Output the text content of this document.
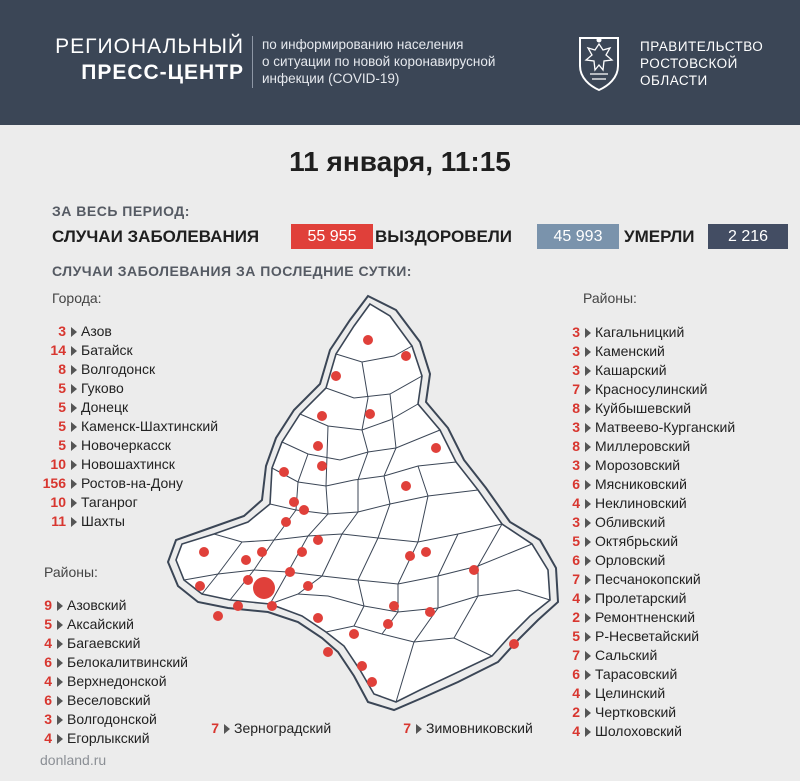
РЕГИОНАЛЬНЫЙ
ПРЕСС-ЦЕНТР
по информированию населения
о ситуации по новой коронавирусной
инфекции (COVID-19)
ПРАВИТЕЛЬСТВО
РОСТОВСКОЙ
ОБЛАСТИ
11 января, 11:15
ЗА ВЕСЬ ПЕРИОД:
СЛУЧАИ ЗАБОЛЕВАНИЯ	55 955	ВЫЗДОРОВЕЛИ	45 993	УМЕРЛИ	2 216
СЛУЧАИ ЗАБОЛЕВАНИЯ ЗА ПОСЛЕДНИЕ СУТКИ:
Города:
3 Азов
14 Батайск
8 Волгодонск
5 Гуково
5 Донецк
5 Каменск-Шахтинский
5 Новочеркасск
10 Новошахтинск
156 Ростов-на-Дону
10 Таганрог
11 Шахты
Районы:
9 Азовский
5 Аксайский
4 Багаевский
6 Белокалитвинский
4 Верхнедонской
6 Веселовский
3 Волгодонской
4 Егорлыкский
Районы:
3 Кагальницкий
3 Каменский
3 Кашарский
7 Красносулинский
8 Куйбышевский
3 Матвеево-Курганский
8 Миллеровский
3 Морозовский
6 Мясниковский
4 Неклиновский
3 Обливский
5 Октябрьский
6 Орловский
7 Песчанокопский
4 Пролетарский
2 Ремонтненский
5 Р-Несветайский
7 Сальский
6 Тарасовский
4 Целинский
2 Чертковский
4 Шолоховский
7 Зерноградский	7 Зимовниковский
donland.ru
